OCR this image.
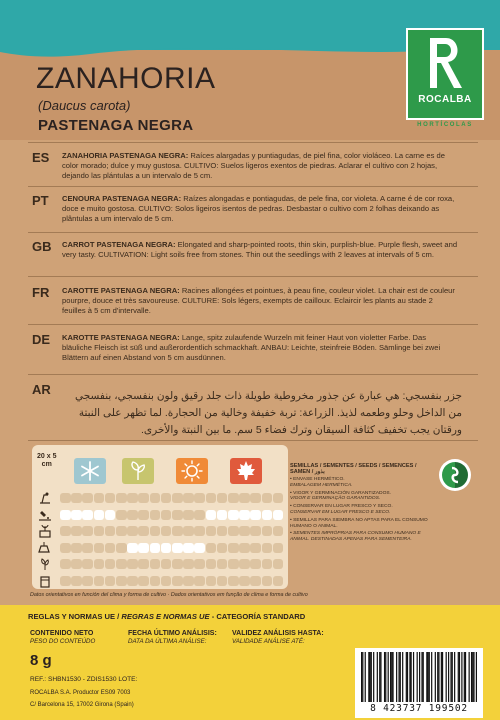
ZANAHORIA
(Daucus carota)
PASTENAGA NEGRA
ROCALBA
HORTÍCOLAS
ES ZANAHORIA PASTENAGA NEGRA: Raíces alargadas y puntiagudas, de piel fina, color violáceo. La carne es de color morado; dulce y muy gustosa. CULTIVO: Suelos ligeros exentos de piedras. Aclarar el cultivo con 2 hojas, dejando las plántulas a un intervalo de 5 cm.
PT CENOURA PASTENAGA NEGRA: Raízes alongadas e pontiagudas, de pele fina, cor violeta. A carne é de cor roxa, doce e muito gostosa. CULTIVO: Solos ligeiros isentos de pedras. Desbastar o cultivo com 2 folhas deixando as plântulas a um intervalo de 5 cm.
GB CARROT PASTENAGA NEGRA: Elongated and sharp-pointed roots, thin skin, purplish-blue. Purple flesh, sweet and very tasty. CULTIVATION: Light soils free from stones. Thin out the seedlings with 2 leaves at intervals of 5 cm.
FR CAROTTE PASTENAGA NEGRA: Racines allongées et pointues, à peau fine, couleur violet. La chair est de couleur pourpre, douce et très savoureuse. CULTURE: Sols légers, exempts de cailloux. Eclaircir les plants au stade 2 feuilles à 5 cm d'intervalle.
DE KAROTTE PASTENAGA NEGRA: Lange, spitz zulaufende Wurzeln mit feiner Haut von violetter Farbe. Das bläuliche Fleisch ist süß und außerordentlich schmackhaft. ANBAU: Leichte, steinfreie Böden. Sämlinge bei zwei Blättern auf einen Abstand von 5 cm ausdünnen.
AR جزر بنفسجي: هي عبارة عن جذور مخروطية طويلة ذات جلد رقيق ولون بنفسجي، بنفسجي من الداخل وحلو وطعمه لذيذ. الزراعة: تربة خفيفة وخالية من الحجارة. لما تظهر على النبتة ورقتان يجب تخفيف كثافة السيقان وترك فضاء 5 سم. ما بين النبتة والأخرى.
20 x 5
cm	SEMILLAS / SEMENTES / SEEDS / SEMENCES / SAMEN / بذور
• ENVASE HERMÉTICO.
EMBALAGEM HERMÉTICA.
• VIGOR Y GERMINACIÓN GARANTIZADOS.
VIGOR E GERMINAÇÃO GARANTIDOS.
• CONSERVAR EN LUGAR FRESCO Y SECO.
CONSERVAR EM LUGAR FRESCO E SECO.
• SEMILLAS PARA SIEMBRA NO APTAS PARA EL CONSUMO HUMANO O ANIMAL.
• SEMENTES IMPRÓPRIAS PARA CONSUMO HUMANO E ANIMAL. DESTINADAS APENAS PARA SEMENTEIRA.
Datos orientativos en función del clima y forma de cultivo · Dados orientativos em função de clima e forma de cultivo
REGLAS Y NORMAS UE / REGRAS E NORMAS UE - CATEGORÍA STANDARD
CONTENIDO NETO
PESO DO CONTEÚDO
FECHA ÚLTIMO ANÁLISIS:
DATA DA ÚLTIMA ANÁLISE:
VALIDEZ ANÁLISIS HASTA:
VALIDADE ANÁLISE ATÉ:
8 g
REF.: SHBN1530 - ZDIS1530 LOTE:
ROCALBA S.A. Productor ES09 7003
C/ Barcelona 15, 17002 Girona (Spain)	8 423737 199502
